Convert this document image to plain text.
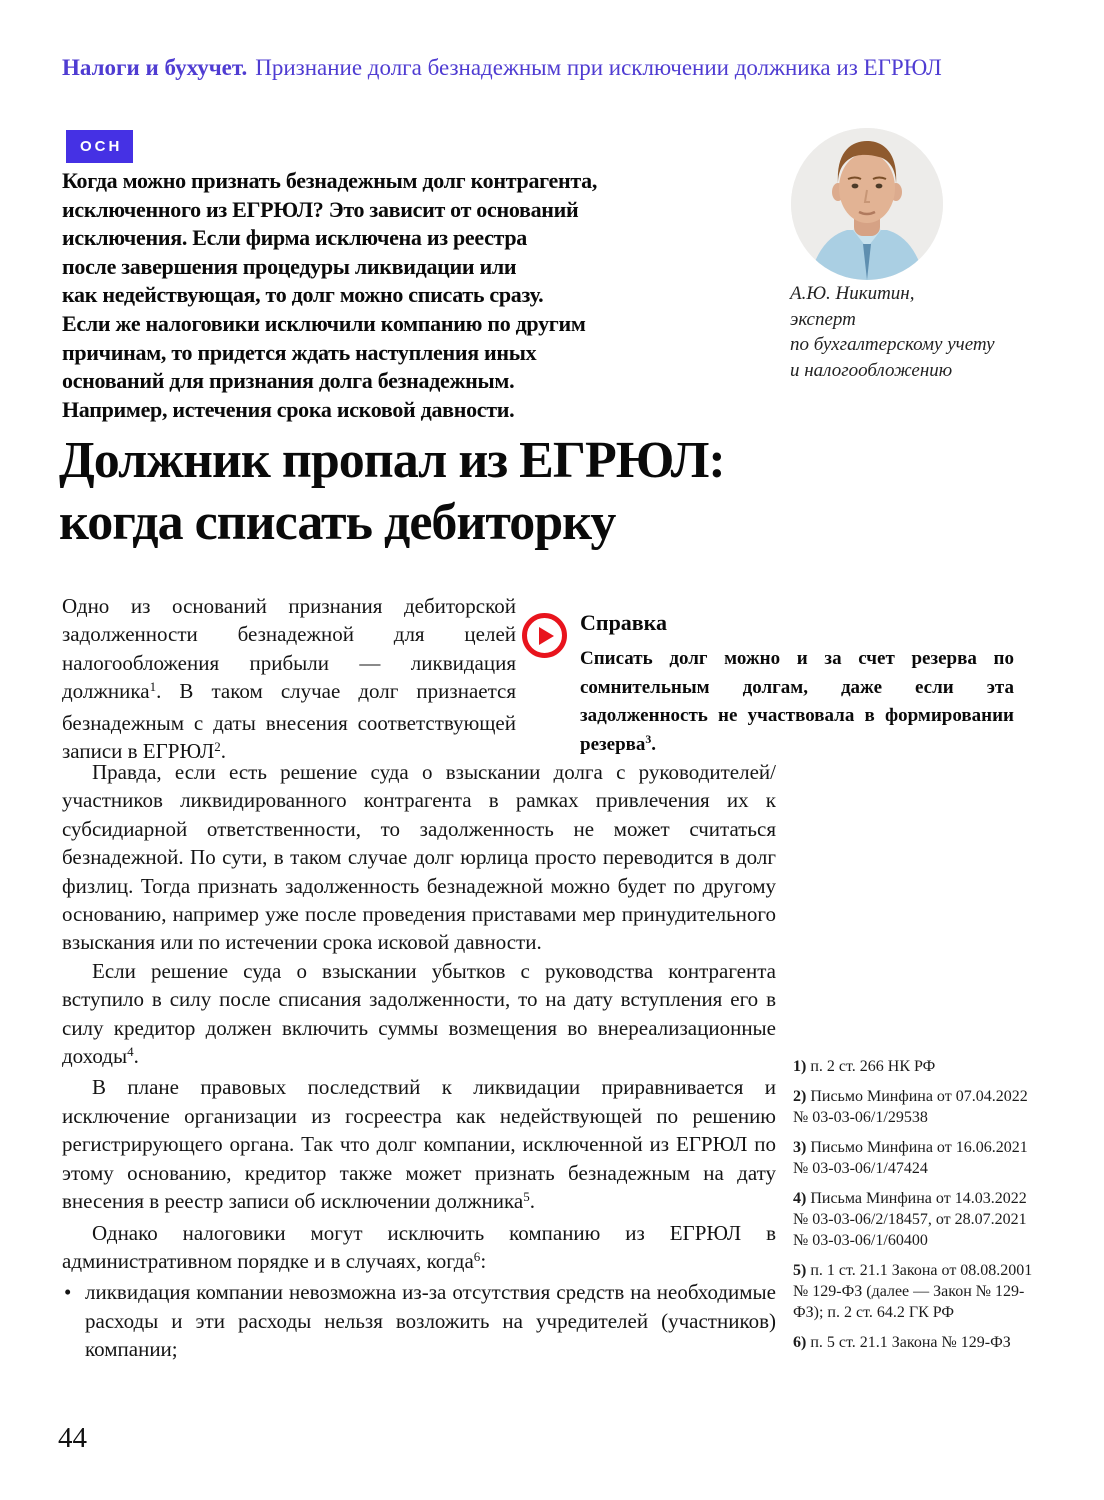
Налоги и бухучет. Признание долга безнадежным при исключении должника из ЕГРЮЛ
ОСН
Когда можно признать безнадежным долг контрагента,
исключенного из ЕГРЮЛ? Это зависит от оснований
исключения. Если фирма исключена из реестра
после завершения процедуры ликвидации или
как недействующая, то долг можно списать сразу.
Если же налоговики исключили компанию по другим
причинам, то придется ждать наступления иных
оснований для признания долга безнадежным.
Например, истечения срока исковой давности.
А.Ю. Никитин,
эксперт
по бухгалтерскому учету
и налогообложению
Должник пропал из ЕГРЮЛ:
когда списать дебиторку

Одно из оснований признания дебиторской задолженности безнадежной для целей налогообложения прибыли — ликвидация должника$^1$. В таком случае долг признается безнадежным с даты внесения соответствующей записи в ЕГРЮЛ$^2$.

Справка
Списать долг можно и за счет резерва по сомнительным долгам, даже если эта задолженность не участвовала в формировании резерва$^3$.

Правда, если есть решение суда о взыскании долга с руководителей/участников ликвидированного контрагента в рамках привлечения их к субсидиарной ответственности, то задолженность не может считаться безнадежной. По сути, в таком случае долг юрлица просто переводится в долг физлиц. Тогда признать задолженность безнадежной можно будет по другому основанию, например уже после проведения приставами мер принудительного взыскания или по истечении срока исковой давности.

Если решение суда о взыскании убытков с руководства контрагента вступило в силу после списания задолженности, то на дату вступления его в силу кредитор должен включить суммы возмещения во внереализационные доходы$^4$.

В плане правовых последствий к ликвидации приравнивается и исключение организации из госреестра как недействующей по решению регистрирующего органа. Так что долг компании, исключенной из ЕГРЮЛ по этому основанию, кредитор также может признать безнадежным на дату внесения в реестр записи об исключении должника$^5$.

Однако налоговики могут исключить компанию из ЕГРЮЛ в административном порядке и в случаях, когда$^6$:

• ликвидация компании невозможна из-за отсутствия средств на необходимые расходы и эти расходы нельзя возложить на учредителей (участников) компании;

1) п. 2 ст. 266 НК РФ
2) Письмо Минфина от 07.04.2022 № 03-03-06/1/29538
3) Письмо Минфина от 16.06.2021 № 03-03-06/1/47424
4) Письма Минфина от 14.03.2022 № 03-03-06/2/18457, от 28.07.2021 № 03-03-06/1/60400
5) п. 1 ст. 21.1 Закона от 08.08.2001 № 129-ФЗ (далее — Закон № 129-ФЗ); п. 2 ст. 64.2 ГК РФ
6) п. 5 ст. 21.1 Закона № 129-ФЗ
44
